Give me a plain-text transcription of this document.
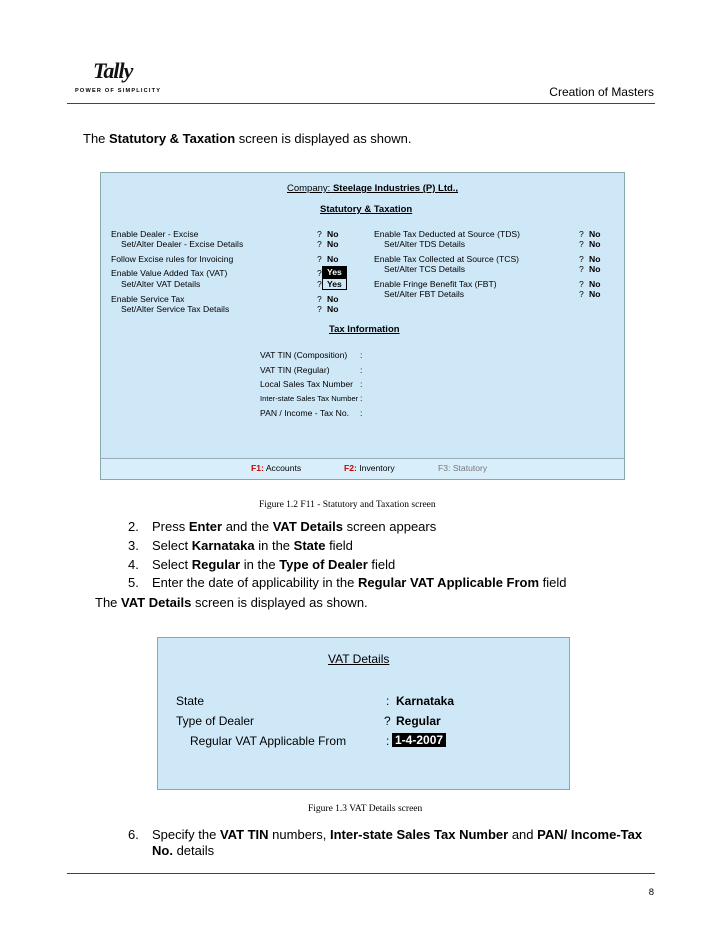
Tally
POWER OF SIMPLICITY	Creation of Masters
The Statutory & Taxation screen is displayed as shown.
Company: Steelage Industries (P) Ltd.,
Statutory & Taxation
Enable Dealer - Excise	? No
Set/Alter Dealer - Excise Details	? No
Follow Excise rules for Invoicing	? No
Enable Value Added Tax (VAT)	? Yes
Set/Alter VAT Details	? Yes
Enable Service Tax	? No
Set/Alter Service Tax Details	? No
Enable Tax Deducted at Source (TDS)	? No
Set/Alter TDS Details	? No
Enable Tax Collected at Source (TCS)	? No
Set/Alter TCS Details	? No
Enable Fringe Benefit Tax (FBT)	? No
Set/Alter FBT Details	? No
Tax Information
VAT TIN (Composition) :
VAT TIN (Regular)	:
Local Sales Tax Number :
Inter-state Sales Tax Number :
PAN / Income - Tax No. :
F1: Accounts	F2: Inventory	F3: Statutory
Figure 1.2 F11 - Statutory and Taxation screen
2. Press Enter and the VAT Details screen appears
3. Select Karnataka in the State field
4. Select Regular in the Type of Dealer field
5. Enter the date of applicability in the Regular VAT Applicable From field
The VAT Details screen is displayed as shown.
VAT Details
State	: Karnataka
Type of Dealer	? Regular
Regular VAT Applicable From	: 1-4-2007
Figure 1.3 VAT Details screen
6. Specify the VAT TIN numbers, Inter-state Sales Tax Number and PAN/ Income-Tax
No. details
8
